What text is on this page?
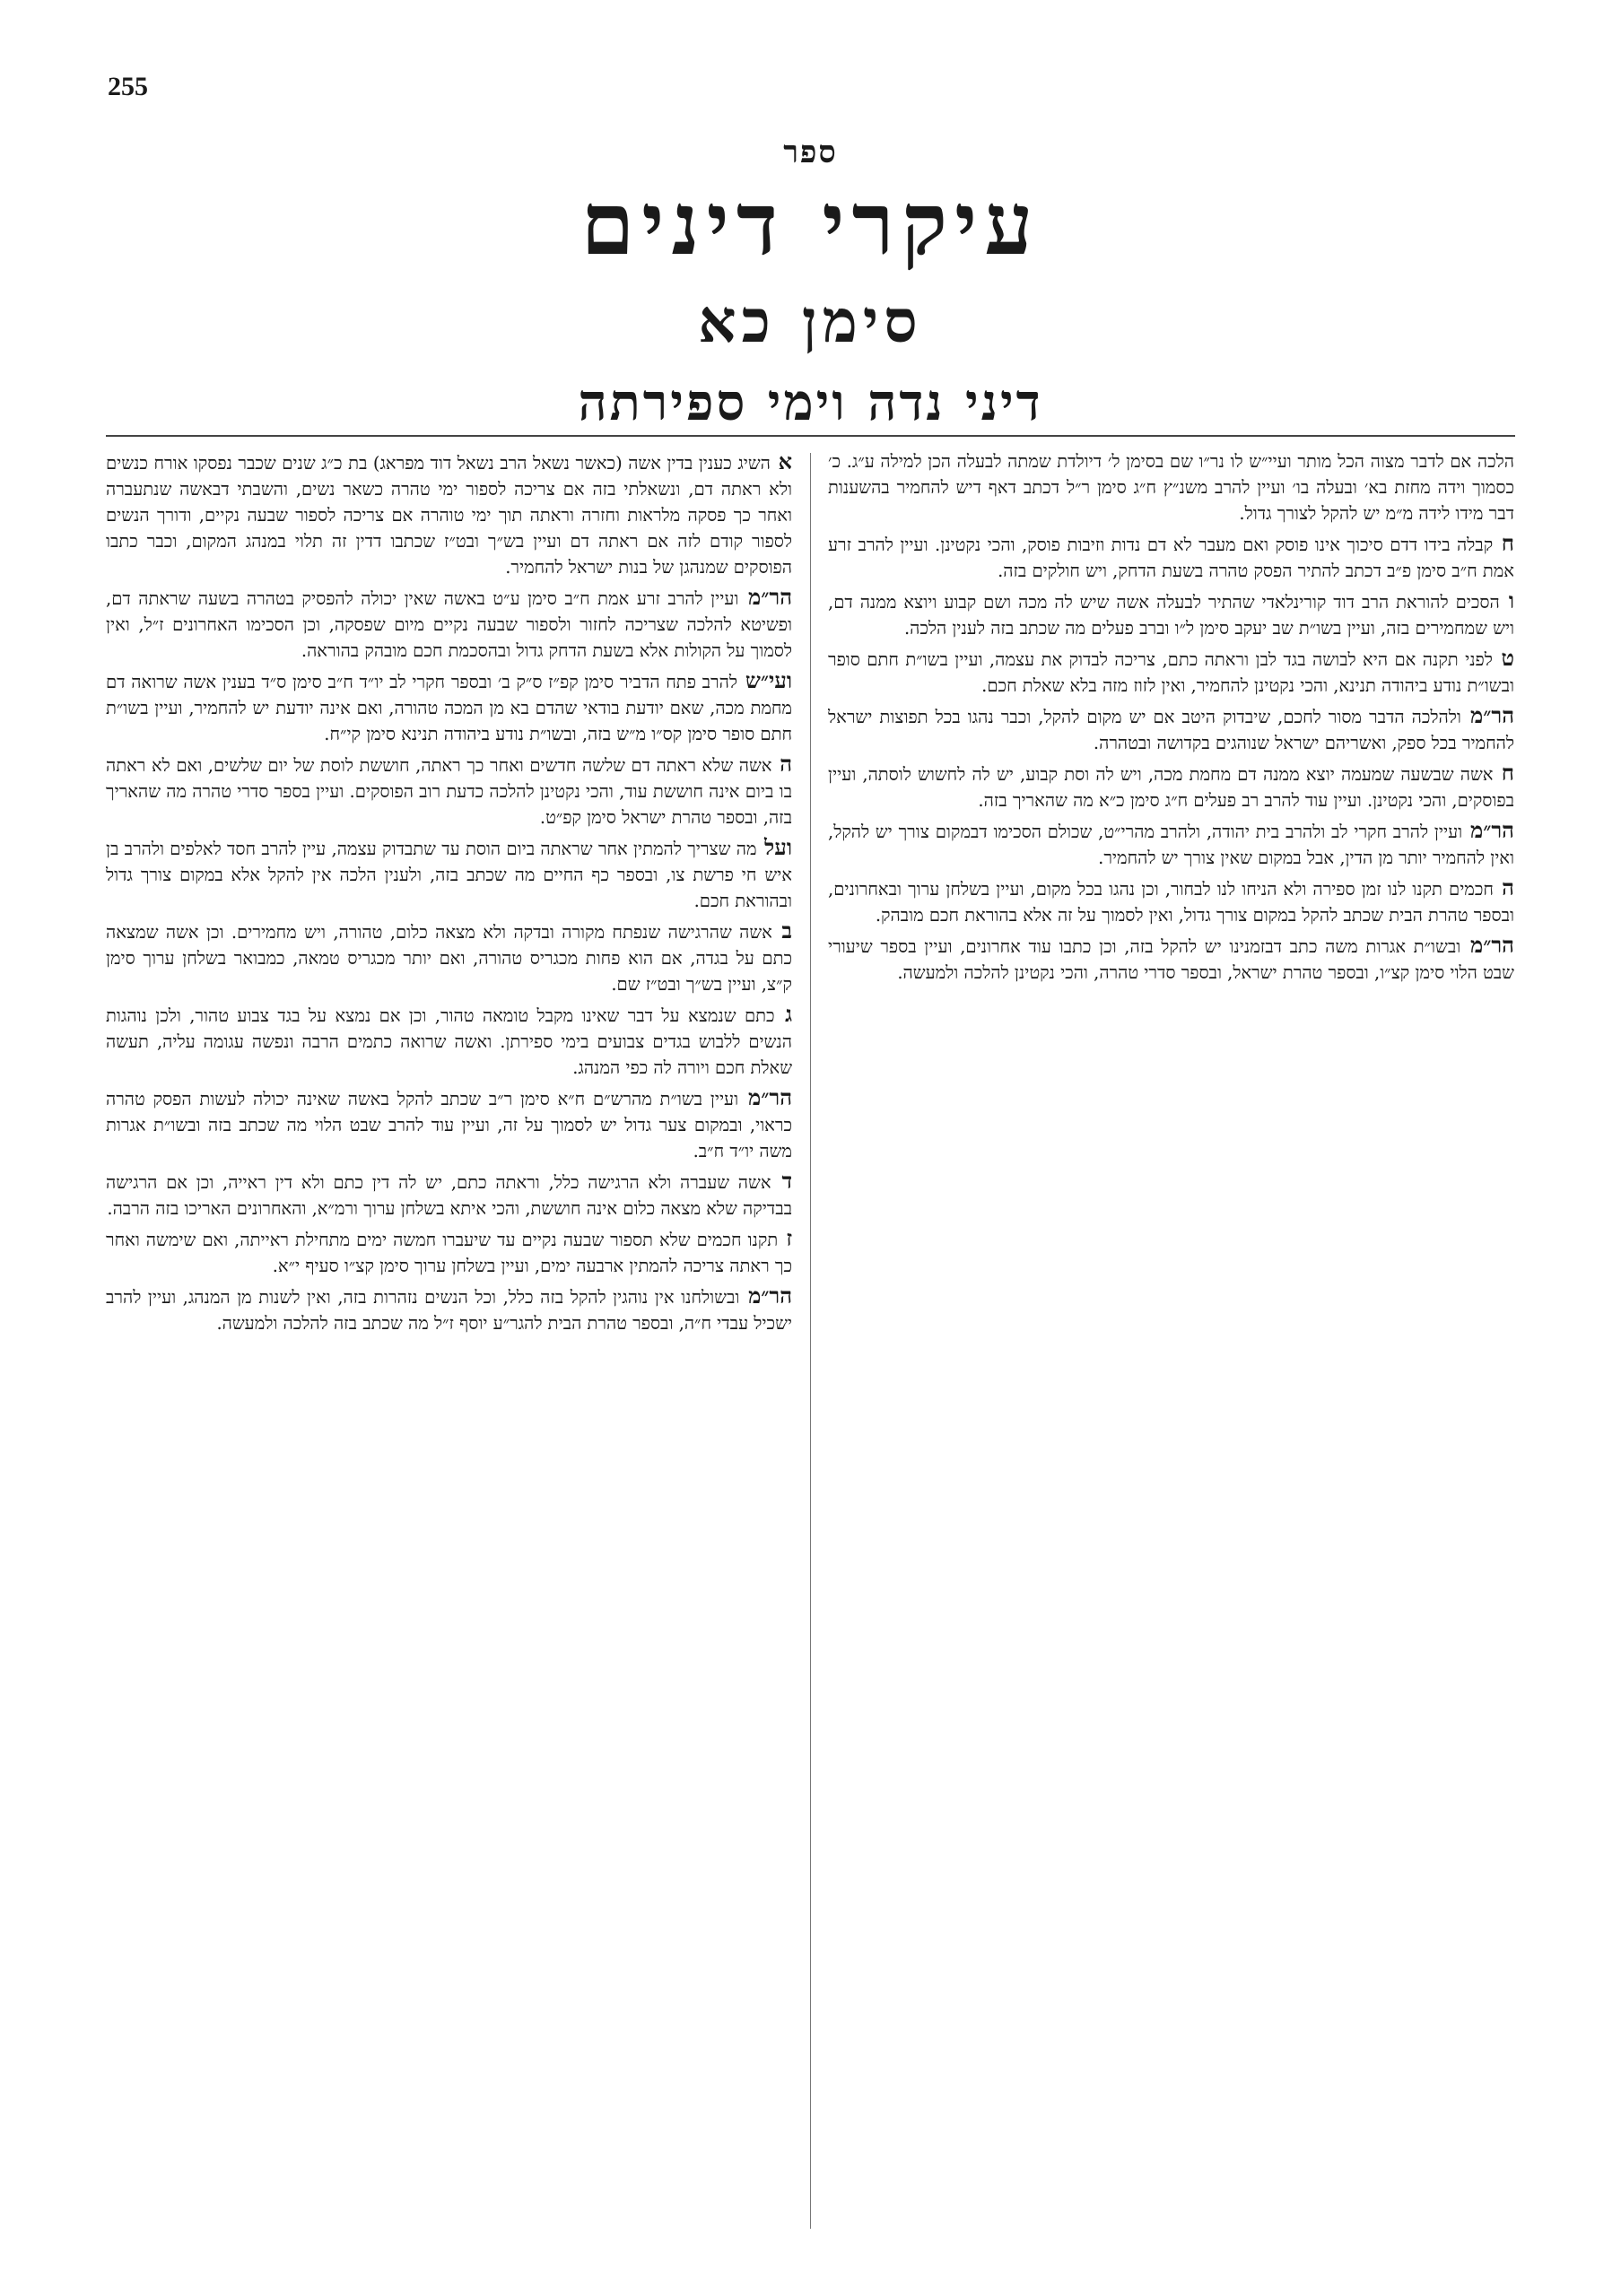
255
ספר
עיקרי דינים
סימן כא
דיני נדה וימי ספירתה

א השיג כענין בדין אשה (כאשר נשאל הרב נשאל דוד מפראג) בת כ״ג שנים שכבר נפסקו אורח כנשים ולא ראתה דם, ונשאלתי בזה אם צריכה לספור ימי טהרה כשאר נשים, והשבתי דבאשה שנתעברה ואחר כך פסקה מלראות וחזרה וראתה תוך ימי טוהרה אם צריכה לספור שבעה נקיים, ודורך הנשים לספור קודם לזה אם ראתה דם ועיין בש״ך ובט״ז שכתבו דדין זה תלוי במנהג המקום, וכבר כתבו הפוסקים שמנהגן של בנות ישראל להחמיר.

הר״מ ועיין להרב זרע אמת ח״ב סימן ע״ט באשה שאין יכולה להפסיק בטהרה בשעה שראתה דם, ופשיטא להלכה שצריכה לחזור ולספור שבעה נקיים מיום שפסקה, וכן הסכימו האחרונים ז״ל, ואין לסמוך על הקולות אלא בשעת הדחק גדול ובהסכמת חכם מובהק בהוראה.

ועי״ש להרב פתח הדביר סימן קפ״ז ס״ק ב׳ ובספר חקרי לב יו״ד ח״ב סימן ס״ד בענין אשה שרואה דם מחמת מכה, שאם יודעת בודאי שהדם בא מן המכה טהורה, ואם אינה יודעת יש להחמיר, ועיין בשו״ת חתם סופר סימן קס״ו מ״ש בזה, ובשו״ת נודע ביהודה תנינא סימן קי״ח.

ה אשה שלא ראתה דם שלשה חדשים ואחר כך ראתה, חוששת לוסת של יום שלשים, ואם לא ראתה בו ביום אינה חוששת עוד, והכי נקטינן להלכה כדעת רוב הפוסקים. ועיין בספר סדרי טהרה מה שהאריך בזה, ובספר טהרת ישראל סימן קפ״ט.

ועל מה שצריך להמתין אחר שראתה ביום הוסת עד שתבדוק עצמה, עיין להרב חסד לאלפים ולהרב בן איש חי פרשת צו, ובספר כף החיים מה שכתב בזה, ולענין הלכה אין להקל אלא במקום צורך גדול ובהוראת חכם.

ב אשה שהרגישה שנפתח מקורה ובדקה ולא מצאה כלום, טהורה, ויש מחמירים. וכן אשה שמצאה כתם על בגדה, אם הוא פחות מכגריס טהורה, ואם יותר מכגריס טמאה, כמבואר בשלחן ערוך סימן ק״צ, ועיין בש״ך ובט״ז שם.

ג כתם שנמצא על דבר שאינו מקבל טומאה טהור, וכן אם נמצא על בגד צבוע טהור, ולכן נוהגות הנשים ללבוש בגדים צבועים בימי ספירתן. ואשה שרואה כתמים הרבה ונפשה עגומה עליה, תעשה שאלת חכם ויורה לה כפי המנהג.

הר״מ ועיין בשו״ת מהרש״ם ח״א סימן ר״ב שכתב להקל באשה שאינה יכולה לעשות הפסק טהרה כראוי, ובמקום צער גדול יש לסמוך על זה, ועיין עוד להרב שבט הלוי מה שכתב בזה ובשו״ת אגרות משה יו״ד ח״ב.

ד אשה שעברה ולא הרגישה כלל, וראתה כתם, יש לה דין כתם ולא דין ראייה, וכן אם הרגישה בבדיקה שלא מצאה כלום אינה חוששת, והכי איתא בשלחן ערוך ורמ״א, והאחרונים האריכו בזה הרבה.

ז תקנו חכמים שלא תספור שבעה נקיים עד שיעברו חמשה ימים מתחילת ראייתה, ואם שימשה ואחר כך ראתה צריכה להמתין ארבעה ימים, ועיין בשלחן ערוך סימן קצ״ו סעיף י״א.

הר״מ ובשולחנו אין נוהגין להקל בזה כלל, וכל הנשים נזהרות בזה, ואין לשנות מן המנהג, ועיין להרב ישכיל עבדי ח״ה, ובספר טהרת הבית להגר״ע יוסף ז״ל מה שכתב בזה להלכה ולמעשה.

הלכה אם לדבר מצוה הכל מותר ועיי״ש לו נר״ו שם בסימן ל׳ דיולדת שמתה לבעלה הכן למילה ע״ג. כ׳ כסמוך וידה מחזת בא׳ ובעלה בו׳ ועיין להרב משנ״ץ ח״ג סימן ר״ל דכתב דאף דיש להחמיר בהשענות דבר מידו לידה מ״מ יש להקל לצורך גדול.

ח קבלה בידו דדם סיכוך אינו פוסק ואם מעבר לא דם נדות וזיבות פוסק, והכי נקטינן. ועיין להרב זרע אמת ח״ב סימן פ״ב דכתב להתיר הפסק טהרה בשעת הדחק, ויש חולקים בזה.

ו הסכים להוראת הרב דוד קורינלאדי שהתיר לבעלה אשה שיש לה מכה ושם קבוע ויוצא ממנה דם, ויש שמחמירים בזה, ועיין בשו״ת שב יעקב סימן ל״ו וברב פעלים מה שכתב בזה לענין הלכה.

ט לפני תקנה אם היא לבושה בגד לבן וראתה כתם, צריכה לבדוק את עצמה, ועיין בשו״ת חתם סופר ובשו״ת נודע ביהודה תנינא, והכי נקטינן להחמיר, ואין לזוז מזה בלא שאלת חכם.

הר״מ ולהלכה הדבר מסור לחכם, שיבדוק היטב אם יש מקום להקל, וכבר נהגו בכל תפוצות ישראל להחמיר בכל ספק, ואשריהם ישראל שנוהגים בקדושה ובטהרה.

ח אשה שבשעה שמעמה יוצא ממנה דם מחמת מכה, ויש לה וסת קבוע, יש לה לחשוש לוסתה, ועיין בפוסקים, והכי נקטינן. ועיין עוד להרב רב פעלים ח״ג סימן כ״א מה שהאריך בזה.

הר״מ ועיין להרב חקרי לב ולהרב בית יהודה, ולהרב מהרי״ט, שכולם הסכימו דבמקום צורך יש להקל, ואין להחמיר יותר מן הדין, אבל במקום שאין צורך יש להחמיר.

ה חכמים תקנו לנו זמן ספירה ולא הניחו לנו לבחור, וכן נהגו בכל מקום, ועיין בשלחן ערוך ובאחרונים, ובספר טהרת הבית שכתב להקל במקום צורך גדול, ואין לסמוך על זה אלא בהוראת חכם מובהק.

הר״מ ובשו״ת אגרות משה כתב דבזמנינו יש להקל בזה, וכן כתבו עוד אחרונים, ועיין בספר שיעורי שבט הלוי סימן קצ״ו, ובספר טהרת ישראל, ובספר סדרי טהרה, והכי נקטינן להלכה ולמעשה.
